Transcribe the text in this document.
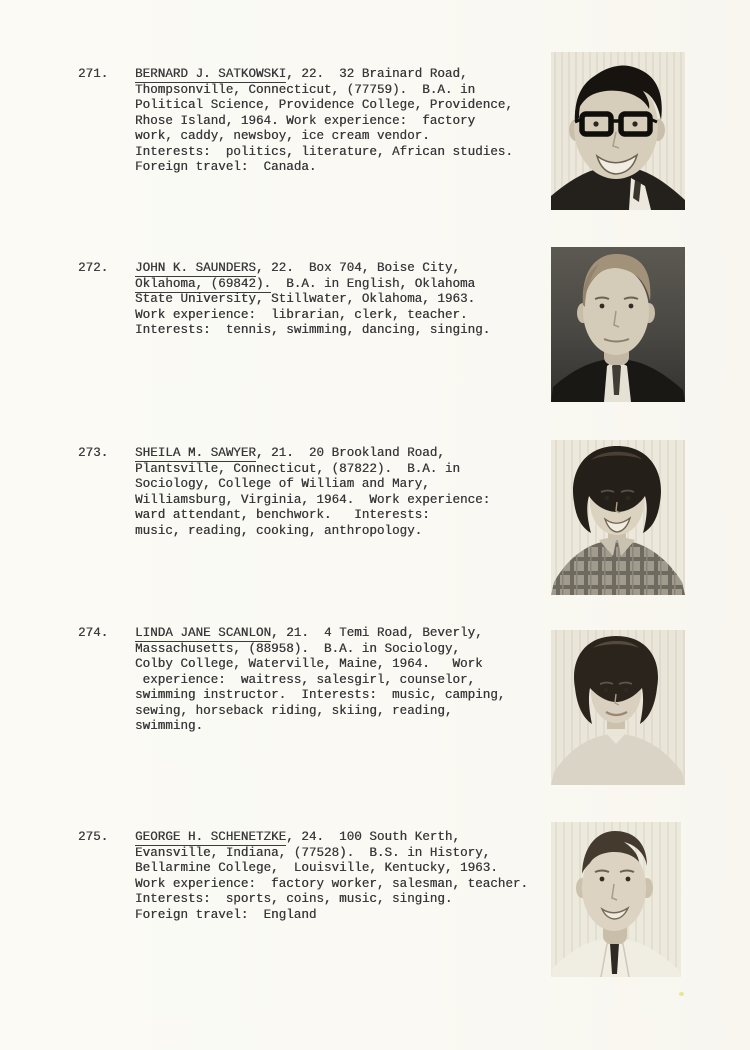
271. BERNARD J. SATKOWSKI, 22.  32 Brainard Road,
Thompsonville, Connecticut, (77759).  B.A. in
Political Science, Providence College, Providence,
Rhose Island, 1964. Work experience:  factory
work, caddy, newsboy, ice cream vendor.
Interests:  politics, literature, African studies.
Foreign travel:  Canada.
272. JOHN K. SAUNDERS, 22.  Box 704, Boise City,
Oklahoma, (69842).  B.A. in English, Oklahoma
State University, Stillwater, Oklahoma, 1963.
Work experience:  librarian, clerk, teacher.
Interests:  tennis, swimming, dancing, singing.
273. SHEILA M. SAWYER, 21.  20 Brookland Road,
Plantsville, Connecticut, (87822).  B.A. in
Sociology, College of William and Mary,
Williamsburg, Virginia, 1964.  Work experience:
ward attendant, benchwork.   Interests:
music, reading, cooking, anthropology.
274. LINDA JANE SCANLON, 21.  4 Temi Road, Beverly,
Massachusetts, (88958).  B.A. in Sociology,
Colby College, Waterville, Maine, 1964.   Work
experience:  waitress, salesgirl, counselor,
swimming instructor.  Interests:  music, camping,
sewing, horseback riding, skiing, reading,
swimming.
275. GEORGE H. SCHENETZKE, 24.  100 South Kerth,
Evansville, Indiana, (77528).  B.S. in History,
Bellarmine College,  Louisville, Kentucky, 1963.
Work experience:  factory worker, salesman, teacher.
Interests:  sports, coins, music, singing.
Foreign travel:  England
